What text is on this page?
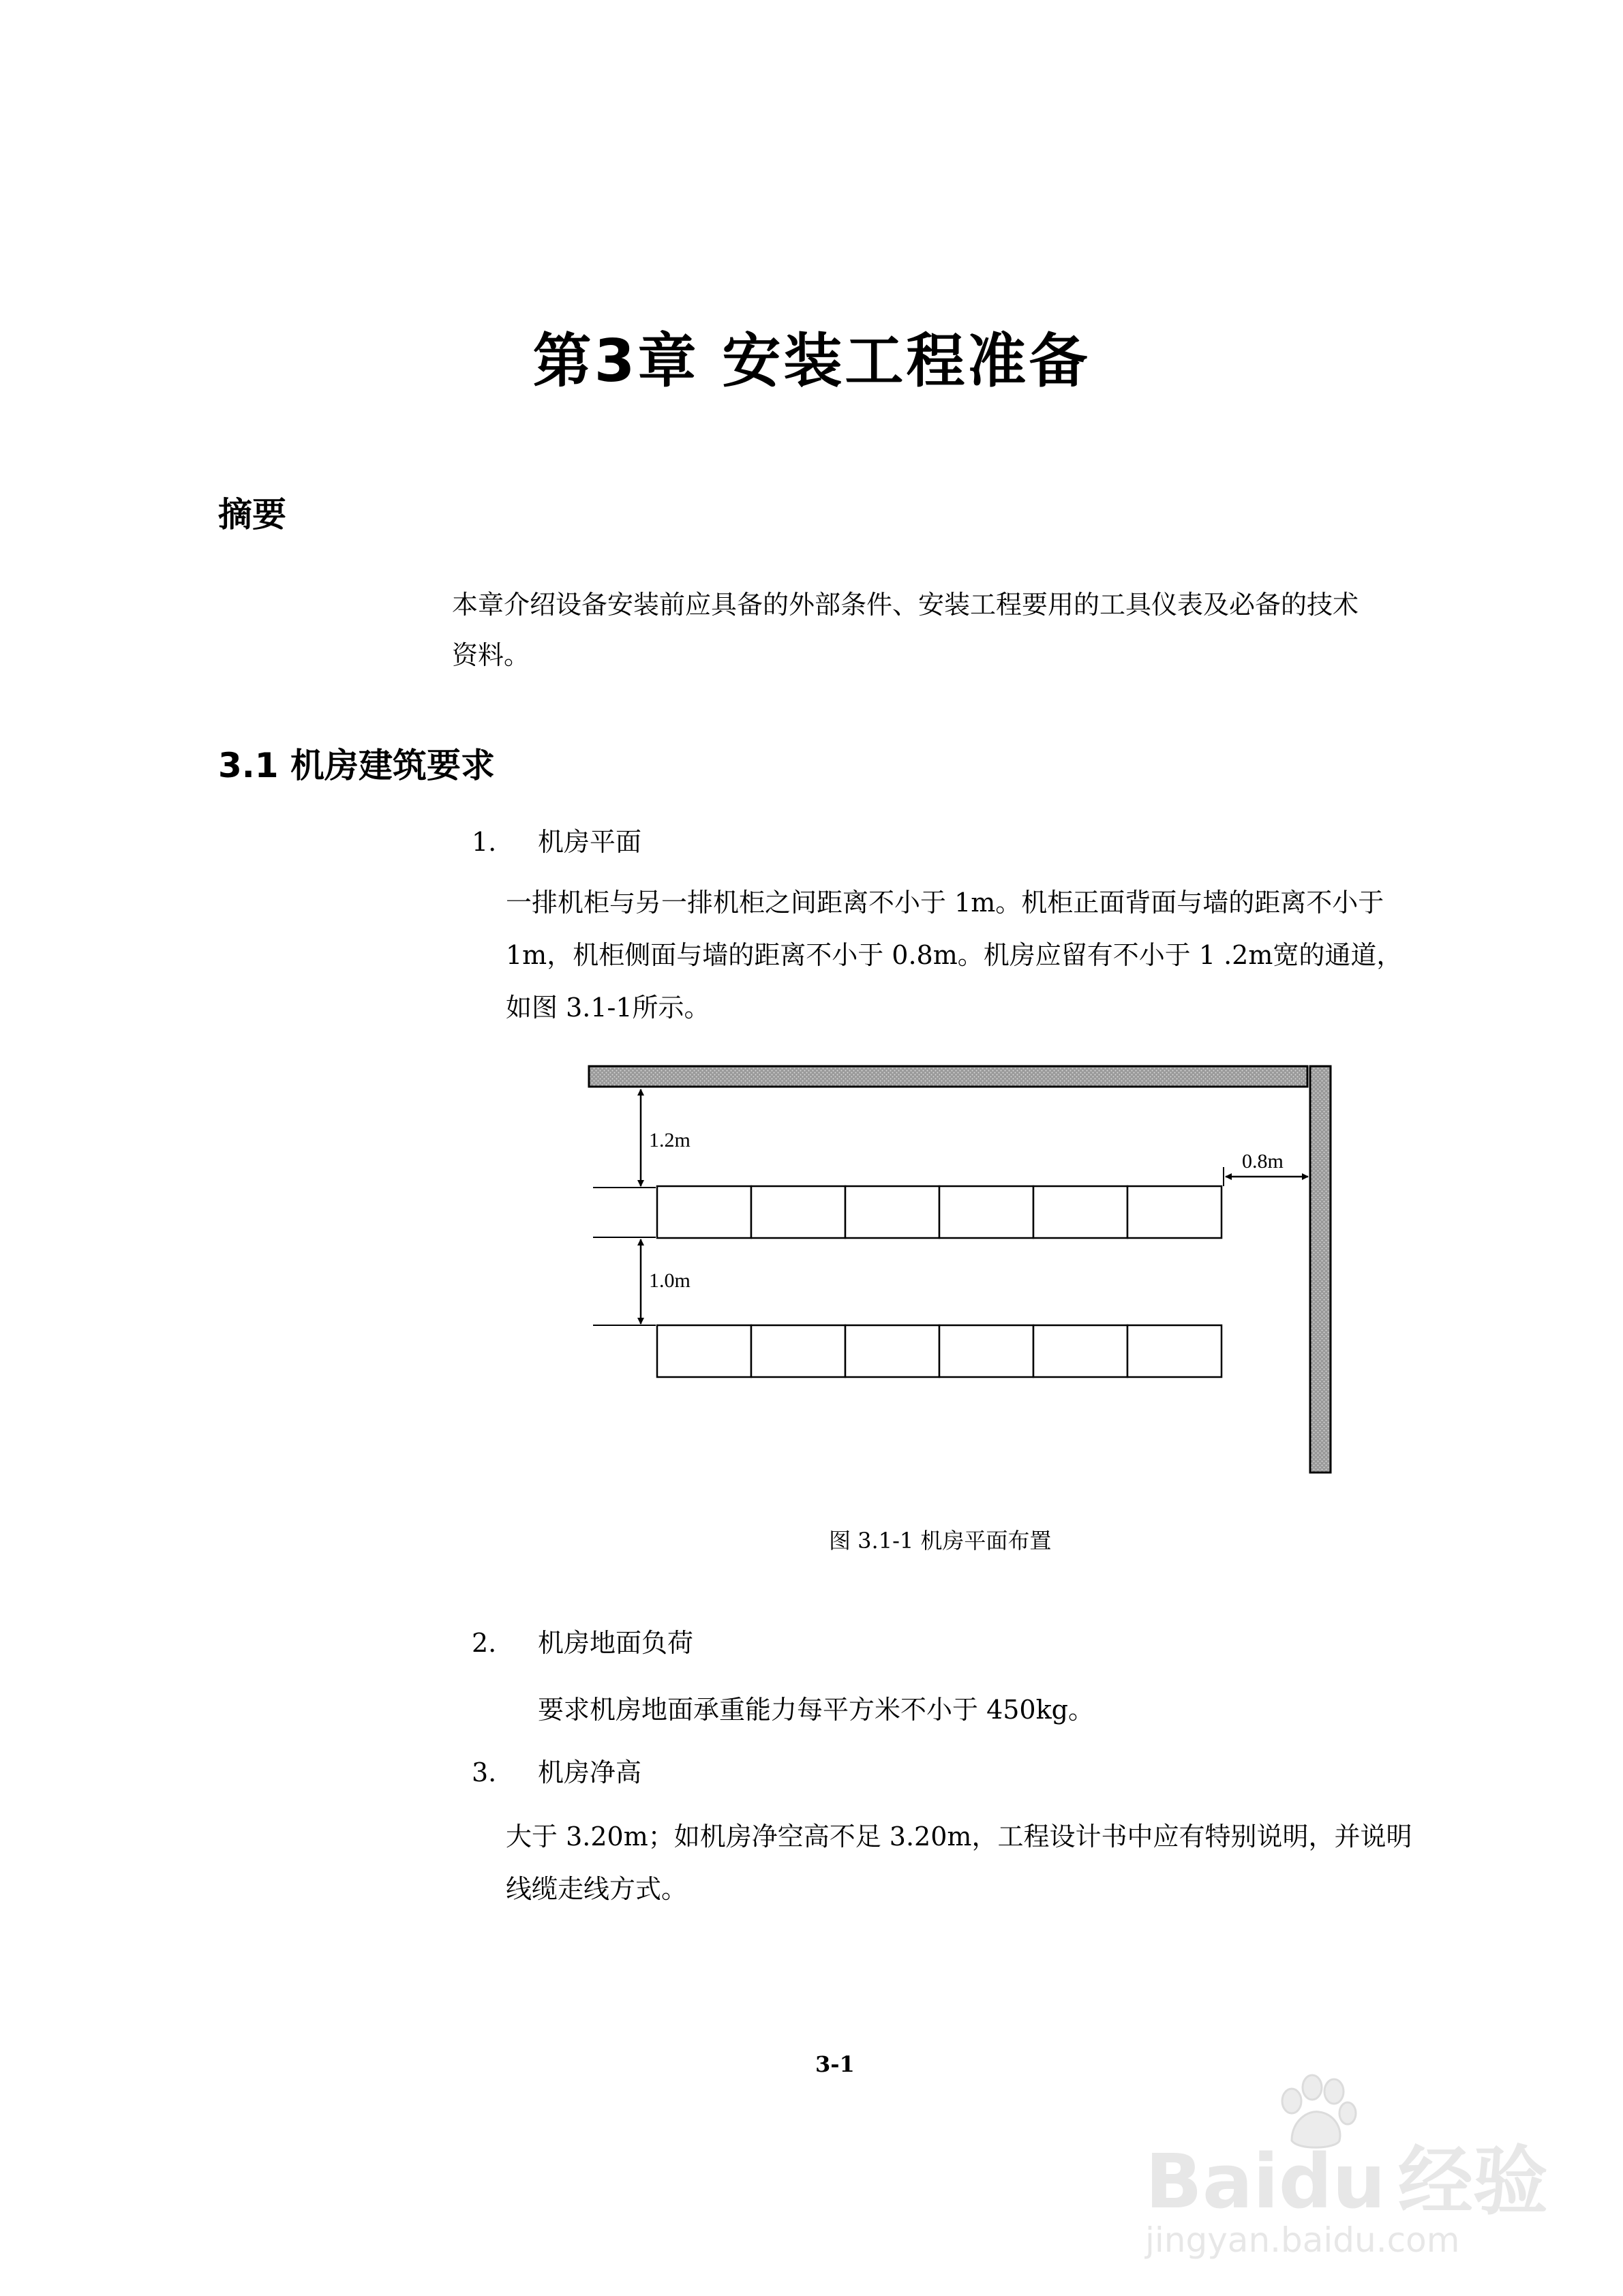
第3章 安装工程准备
摘要
本章介绍设备安装前应具备的外部条件、安装工程要用的工具仪表及必备的技术
资料。
3.1 机房建筑要求
1. 机房平面
一排机柜与另一排机柜之间距离不小于 1m。机柜正面背面与墙的距离不小于
1m，机柜侧面与墙的距离不小于 0.8m。机房应留有不小于 1 .2m宽的通道，
如图 3.1-1所示。
1.2m
0.8m
1.0m
图 3.1-1 机房平面布置
2. 机房地面负荷
要求机房地面承重能力每平方米不小于 450kg。
3. 机房净高
大于 3.20m；如机房净空高不足 3.20m，工程设计书中应有特别说明，并说明
线缆走线方式。
3-1
Baidu 经验
jingyan.baidu.com
